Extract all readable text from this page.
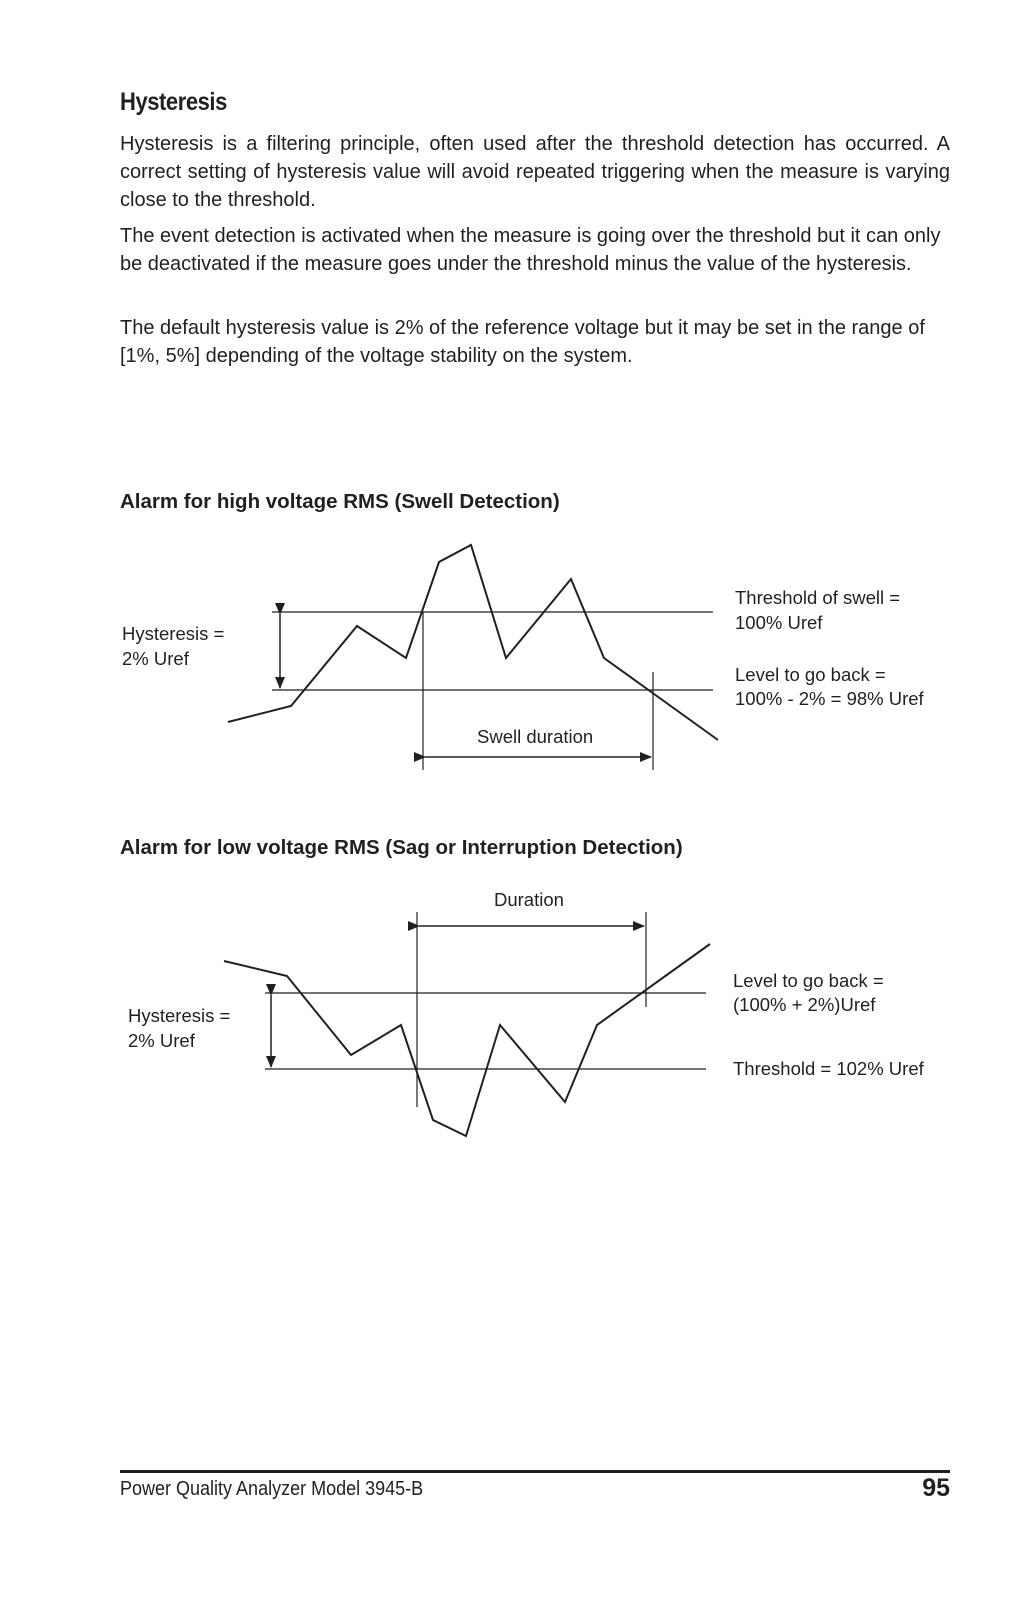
Hysteresis

Hysteresis is a filtering principle, often used after the threshold detection has occurred. A correct setting of hysteresis value will avoid repeated triggering when the measure is varying close to the threshold.

The event detection is activated when the measure is going over the threshold but it can only be deactivated if the measure goes under the threshold minus the value of the hysteresis.

The default hysteresis value is 2% of the reference voltage but it may be set in the range of [1%, 5%] depending of the voltage stability on the system.

Alarm for high voltage RMS (Swell Detection)
Alarm for low voltage RMS (Sag or Interruption Detection)
Hysteresis =
2% Uref
Threshold of swell =
100% Uref
Level to go back =
100% - 2% = 98% Uref
Swell duration
Duration
Hysteresis =
2% Uref
Level to go back =
(100% + 2%)Uref
Threshold = 102% Uref
Power Quality Analyzer Model 3945-B	95
